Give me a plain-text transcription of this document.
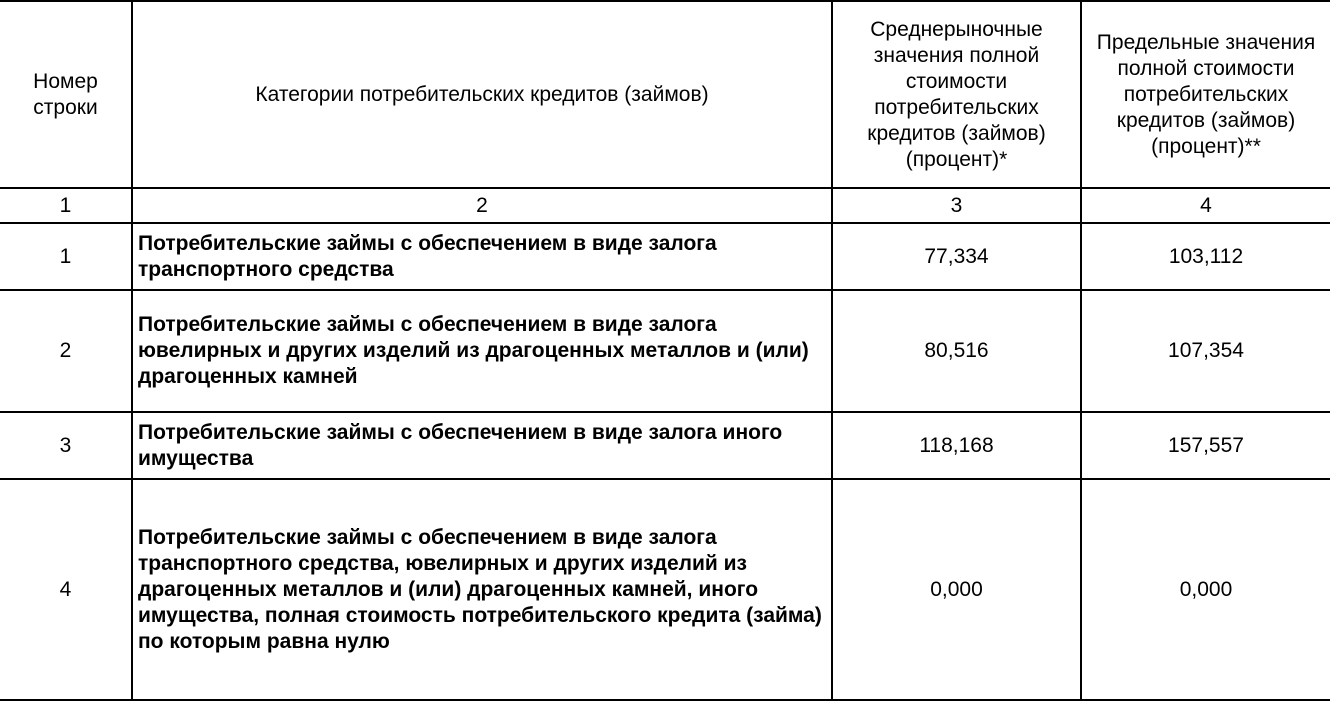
Номер строки	Категории потребительских кредитов (займов)	Среднерыночные значения полной стоимости потребительских кредитов (займов) (процент)*	Предельные значения полной стоимости потребительских кредитов (займов) (процент)**
1	2	3	4
1	Потребительские займы с обеспечением в виде залога транспортного средства	77,334	103,112
2	Потребительские займы с обеспечением в виде залога ювелирных и других изделий из драгоценных металлов и (или) драгоценных камней	80,516	107,354
3	Потребительские займы с обеспечением в виде залога иного имущества	118,168	157,557
4	Потребительские займы с обеспечением в виде залога транспортного средства, ювелирных и других изделий из драгоценных металлов и (или) драгоценных камней, иного имущества, полная стоимость потребительского кредита (займа) по которым равна нулю	0,000	0,000
